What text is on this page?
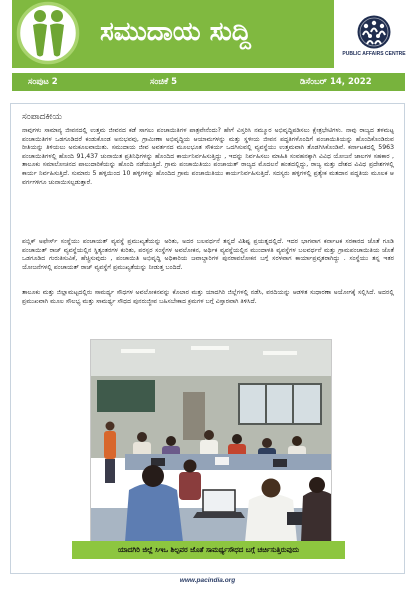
ಸಮುದಾಯ ಸುದ್ದಿ
PUBLIC AFFAIRS CENTRE
ಸಂಪುಟ 2	ಸಂಚಿಕೆ 5	ಡಿಸೆಂಬರ್ 14, 2022
ಸಂಪಾದಕೀಯ

ನಾವುಗಳು ಸಾಮಾನ್ಯ ಜೀವನದಲ್ಲಿ ಉತ್ತಮ ಜೀವನದ ಕಡೆ ಸಾಗಲು ಪಂಚಾಯಿತಿಗಳ ಪಾತ್ರವೇನೆಂದು? ಹೇಗೆ ವಿಸ್ತರಿಸಿ ನಮ್ಮೂರ ಅಭಿವೃದ್ಧಿಪಡಿಸಲು ಕ್ಷೇತ್ರಭೇಟಿಗಳು. ನಾವು ರಾಜ್ಯದ ತಳಮಟ್ಟ ಪಂಚಾಯಿತಿಗಳ ಒಡಗೂಡಿದರೆ ಕಂಡುಕೊಂಡ ಅನುಭವವು, ಗ್ರಾಮೀಣಾ ಅಭಿವೃದ್ಧಿಯ ಆಯಾಮಗಳನ್ನು ಮತ್ತು ಸ್ಥಳೀಯ ಜೀವನ ಪದ್ಧತಿಗಳೊಂದಿಗೆ ಪಂಚಾಯಿತಿಯನ್ನು ಹೊಂದಿಕೊಂಡಿರುವ ರೀತಿಯನ್ನು ತಿಳಿಯಲು ಅನುಕೂಲವಾಯಿತು. ಸಮುದಾಯ ಜೀವ ಅವರ್ತನದ ಮೂಲಭೂತ ಸೌಕರ್ಯ ಒದಗಿಸುವಲ್ಲಿ ವ್ಯವಸ್ಥೆಯು ಉತ್ತಮವಾಗಿ ತೊಡಗಿಸಿಕೊಂಡಿವೆ. ಕರ್ನಾಟಕದಲ್ಲಿ 5963 ಪಂಚಾಯಿತಿಗಳಲ್ಲಿ ಹೊಂದಿ 91,437 ಚುನಾಯಿತ ಪ್ರತಿನಿಧಿಗಳನ್ನು ಹೊಂದಿದ ಕಾರ್ಯನಿರ್ವಹಿಸುತ್ತಿದ್ದು , ಇದನ್ನು ನಿರ್ವಹಿಸಲು ಮಾಹಿತಿ ಸಂವಹನಕ್ಕಾಗಿ ವಿವಿಧ ಯೋಜನೆ ಜಾಲಗಳ ಸಹಕಾರ , ತಾಲೂಕು ಸಮಾಲೋಚನದ ಪಾಲುದಾರಿಕೆಯನ್ನು ಹೊಂದಿ ನಡೆಯುತ್ತಿದೆ. ಗ್ರಾಮ ಪಂಚಾಯಿತಿಯು ಪಂಚಾಯತ್ ರಾಜ್ಯದ ಮೊದಲನೆ ಹಂತದಲ್ಲಿದ್ದು, ರಾಜ್ಯ ಮತ್ತು ದೇಶದ ವಿವಿಧ ಪ್ರದೇಶಗಳಲ್ಲಿ ಕಾರ್ಯ ನಿರ್ವಹಿಸುತ್ತಿದೆ. ಸುಮಾರು 5 ಹಳ್ಳಿಯಿಂದ 10 ಹಳ್ಳಿಗಳನ್ನು ಹೊಂದಿದ ಗ್ರಾಮ ಪಂಚಾಯಿತಿಯು ಕಾರ್ಯನಿರ್ವಹಿಸುತ್ತಿದೆ. ಸದಸ್ಯರು ಹಳ್ಳಿಗಳಲ್ಲಿ ಪ್ರತ್ಯೇಕ ಮತದಾನ ಪದ್ಧತಿಯ ಮೂಲಕ ಆ ವರ್ಗಗಳಿಗೂ ಚುನಾಯಿಸಲ್ಪಡುತ್ತಾರೆ.

ಪಬ್ಲಿಕ್ ಅಫೇರ್ಸ್ ಸಂಸ್ಥೆಯು ಪಂಚಾಯತ್ ವ್ಯವಸ್ಥೆ ಪ್ರಮುಖ್ಯತೆಯನ್ನು ಅರಿತು, ಅದರ ಬಲವರ್ಧನೆ ತನ್ನದೆ ವಿಶಿಷ್ಟ ಪ್ರಯತ್ನದಲ್ಲಿದೆ. ಇದರ ಭಾಗವಾಗ ಕರ್ನಾಟಕ ಸರಕಾರದ ಜೊತೆ ಗೂಡಿ ಪಂಚಾಯಿತ್ ರಾಜ್ ವ್ಯವಸ್ಥೆಯಲ್ಲಿನ ಸ್ಥಿತ್ಯಂತರಗಳ ಕುರಿತು, ಪರಸ್ಪರ ಸಂಸ್ಥೆಗಳ ಅವಲೋಕನ, ಅರ್ಥಿಕ ವ್ಯವಸ್ಥೆಯಲ್ಲಿನ ಮುಂದಾಳತಿ ವ್ಯವಸ್ಥೆಗಳ ಬಲವರ್ಧನೆ ಮತ್ತು ಗ್ರಾಮಪಂಚಾಯಿತಿಯ ಜೊತೆ ಒಡಗೂಡಿದ ಗುರುತಿಸುವಿಕೆ, ಹೆಚ್ಚಿಸುವುದು , ಪಂಚಾಯಿತಿ ಅಭಿವೃದ್ಧಿ ಅಧಿಕಾರಿಯ ಜವಾಬ್ದಾರಿಗಳ ಪುನರಾವಲೋಕನ ಬಗ್ಗೆ ಸರಳವಾಗ ಕಾರ್ಯಾಪ್ರವೃತರಾಗಿದ್ದು . ಸಂಸ್ಥೆಯು ತನ್ನ ಇತರ ಯೋಜನೆಗಳಲ್ಲಿ ಪಂಚಾಯತ್ ರಾಜ್ ವ್ಯವಸ್ಥೆಗೆ ಪ್ರಮುಖ್ಯತೆಯನ್ನು ನೀಡುತ್ತ ಬಂದಿದೆ.

ತಾಲೂಕು ಮತ್ತು ಜಿಲ್ಲಾಮಟ್ಟದಲ್ಲಿರು ಸಾಮರ್ಥ್ಯ ಸೌಧಗಳ ಅವಲೋಕನವನ್ನು ಕೊಲಾರ ಮತ್ತು ಯಾದಗಿರಿ ಜಿಲ್ಲೆಗಳಲ್ಲಿ ನಡೆಸಿ, ವರದಿಯನ್ನು ಆಡಳಿತ ಸುಧಾರಣಾ ಅಯೋಗಕ್ಕೆ ಸಲ್ಲಿಸಿದೆ. ಅದರಲ್ಲಿ ಪ್ರಮುಖವಾಗಿ ಮೂಲ ಸೌಲಭ್ಯ ಮತ್ತು ಸಾಮರ್ಥ್ಯ ಸೌಧದ ಪುನರುಜ್ಜೀವ ಬಹಿಸಬೇಕಾದ ಕ್ರಮಗಳ ಬಗ್ಗೆ ವಿಸ್ತಾರವಾಗಿ ತಿಳಿಸಿದೆ.

ಯಾದಗಿರಿ ಜಿಲ್ಲೆ ಸಿಇಒ ಶಿಲ್ಪವರ ಜೊತೆ ಸಾಮರ್ಥ್ಯಸೌಧದ ಬಗ್ಗೆ ಚರ್ಚಿಸುತ್ತಿರುವುದು
www.pacindia.org
